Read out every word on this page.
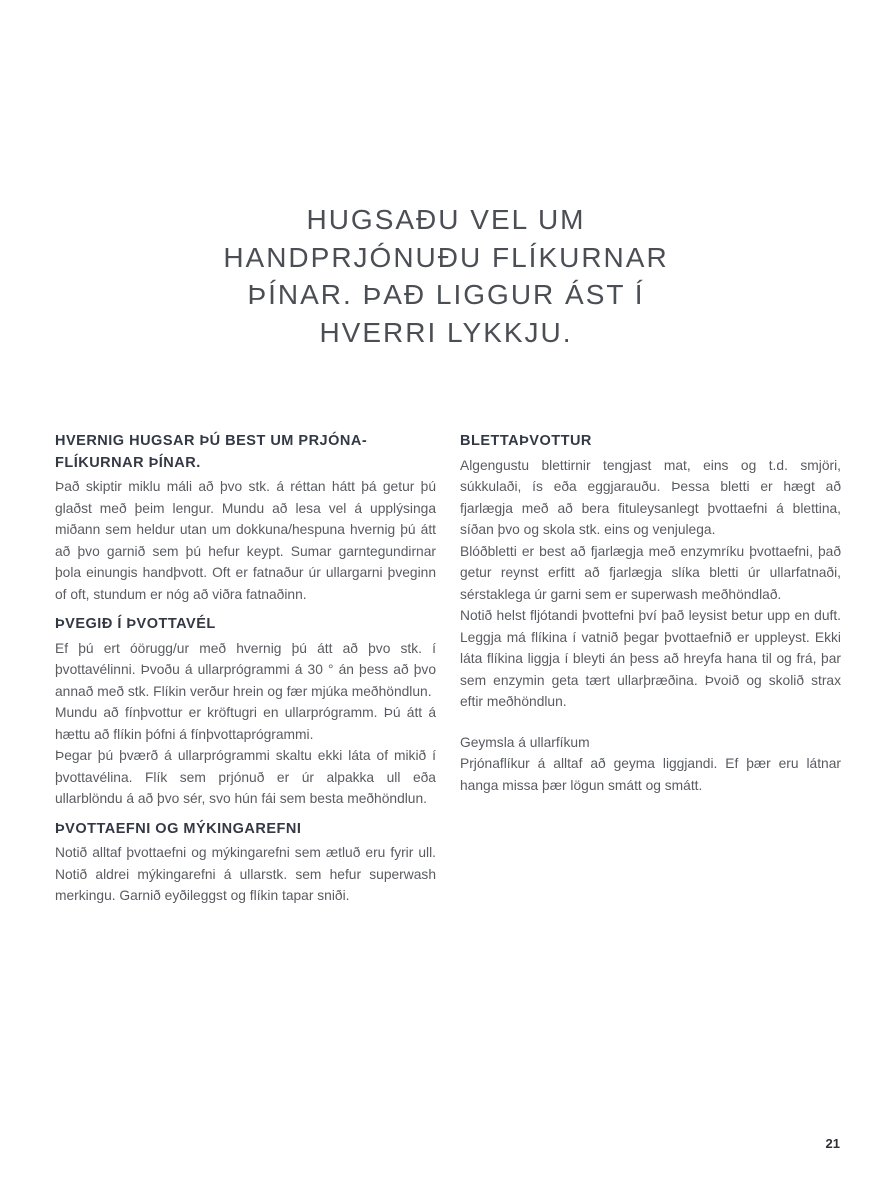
HUGSAÐU VEL UM
HANDPRJÓNUÐU FLÍKURNAR
ÞÍNAR. ÞAÐ LIGGUR ÁST Í
HVERRI LYKKJU.
HVERNIG HUGSAR ÞÚ BEST UM PRJÓNA-
FLÍKURNAR ÞÍNAR.

Það skiptir miklu máli að þvo stk. á réttan hátt þá getur þú glaðst með þeim lengur. Mundu að lesa vel á upplýsinga miðann sem heldur utan um dokkuna/hespuna hvernig þú átt að þvo garnið sem þú hefur keypt. Sumar garntegundirnar þola einungis handþvott. Oft er fatnaður úr ullargarni þveginn of oft, stundum er nóg að viðra fatnaðinn.

ÞVEGIÐ Í ÞVOTTAVÉL

Ef þú ert óörugg/ur með hvernig þú átt að þvo stk. í þvottavélinni. Þvoðu á ullarprógrammi á 30 ° án þess að þvo annað með stk. Flíkin verður hrein og fær mjúka meðhöndlun.

Mundu að fínþvottur er kröftugri en ullarprógramm. Þú átt á hættu að flíkin þófni á fínþvottaprógrammi.

Þegar þú þværð á ullarprógrammi skaltu ekki láta of mikið í þvottavélina. Flík sem prjónuð er úr alpakka ull eða ullarblöndu á að þvo sér, svo hún fái sem besta meðhöndlun.

ÞVOTTAEFNI OG MÝKINGAREFNI

Notið alltaf þvottaefni og mýkingarefni sem ætluð eru fyrir ull. Notið aldrei mýkingarefni á ullarstk. sem hefur superwash merkingu. Garnið eyðileggst og flíkin tapar sniði.

BLETTAÞVOTTUR

Algengustu blettirnir tengjast mat, eins og t.d. smjöri, súkkulaði, ís eða eggjarauðu. Þessa bletti er hægt að fjarlægja með að bera fituleysanlegt þvottaefni á blettina, síðan þvo og skola stk. eins og venjulega.

Blóðbletti er best að fjarlægja með enzymríku þvottaefni, það getur reynst erfitt að fjarlægja slíka bletti úr ullarfatnaði, sérstaklega úr garni sem er superwash meðhöndlað.

Notið helst fljótandi þvottefni því það leysist betur upp en duft. Leggja má flíkina í vatnið þegar þvottaefnið er uppleyst. Ekki láta flíkina liggja í bleyti án þess að hreyfa hana til og frá, þar sem enzymin geta tært ullarþræðina. Þvoið og skolið strax eftir meðhöndlun.

Geymsla á ullarfíkum

Prjónaflíkur á alltaf að geyma liggjandi. Ef þær eru látnar hanga missa þær lögun smátt og smátt.

21
